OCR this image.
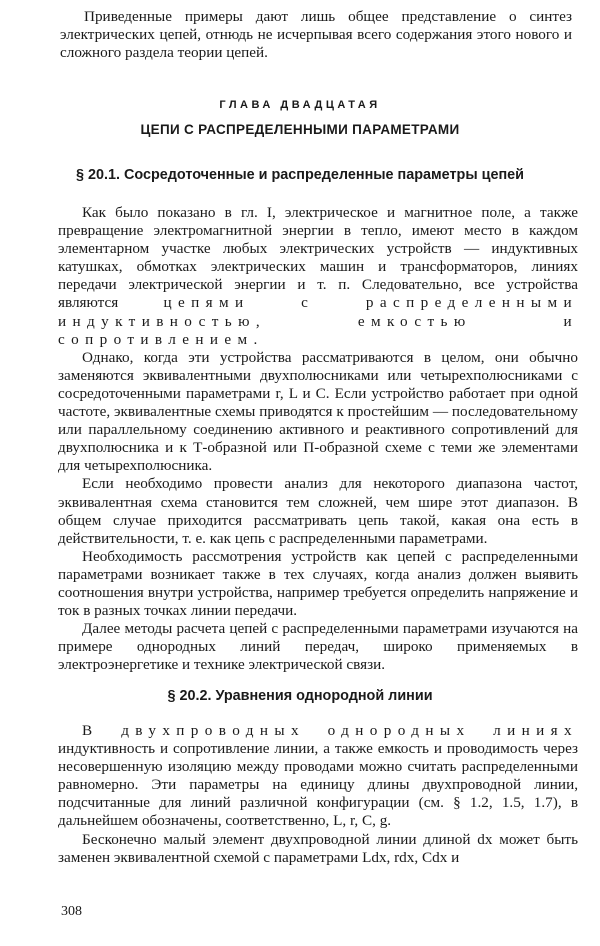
Приведенные примеры дают лишь общее представление о синтез электрических цепей, отнюдь не исчерпывая всего содержания этого нового и сложного раздела теории цепей.

ГЛАВА ДВАДЦАТАЯ
ЦЕПИ С РАСПРЕДЕЛЕННЫМИ ПАРАМЕТРАМИ
§ 20.1. Сосредоточенные и распределенные параметры цепей

Как было показано в гл. I, электрическое и магнитное поле, а также превращение электромагнитной энергии в тепло, имеют место в каждом элементарном участке любых электрических устройств — индуктивных катушках, обмотках электрических машин и трансформаторов, линиях передачи электрической энергии и т. п. Следовательно, все устройства являются цепями с распределенными индуктивностью, емкостью и сопротивлением.

Однако, когда эти устройства рассматриваются в целом, они обычно заменяются эквивалентными двухполюсниками или четырехполюсниками с сосредоточенными параметрами r, L и C. Если устройство работает при одной частоте, эквивалентные схемы приводятся к простейшим — последовательному или параллельному соединению активного и реактивного сопротивлений для двухполюсника и к Т-образной или П-образной схеме с теми же элементами для четырехполюсника.

Если необходимо провести анализ для некоторого диапазона частот, эквивалентная схема становится тем сложней, чем шире этот диапазон. В общем случае приходится рассматривать цепь такой, какая она есть в действительности, т. е. как цепь с распределенными параметрами.

Необходимость рассмотрения устройств как цепей с распределенными параметрами возникает также в тех случаях, когда анализ должен выявить соотношения внутри устройства, например требуется определить напряжение и ток в разных точках линии передачи.

Далее методы расчета цепей с распределенными параметрами изучаются на примере однородных линий передач, широко применяемых в электроэнергетике и технике электрической связи.

§ 20.2. Уравнения однородной линии

В двухпроводных однородных линиях индуктивность и сопротивление линии, а также емкость и проводимость через несовершенную изоляцию между проводами можно считать распределенными равномерно. Эти параметры на единицу длины двухпроводной линии, подсчитанные для линий различной конфигурации (см. § 1.2, 1.5, 1.7), в дальнейшем обозначены, соответственно, L, r, C, g.

Бесконечно малый элемент двухпроводной линии длиной dx может быть заменен эквивалентной схемой с параметрами Ldx, rdx, Cdx и

308
